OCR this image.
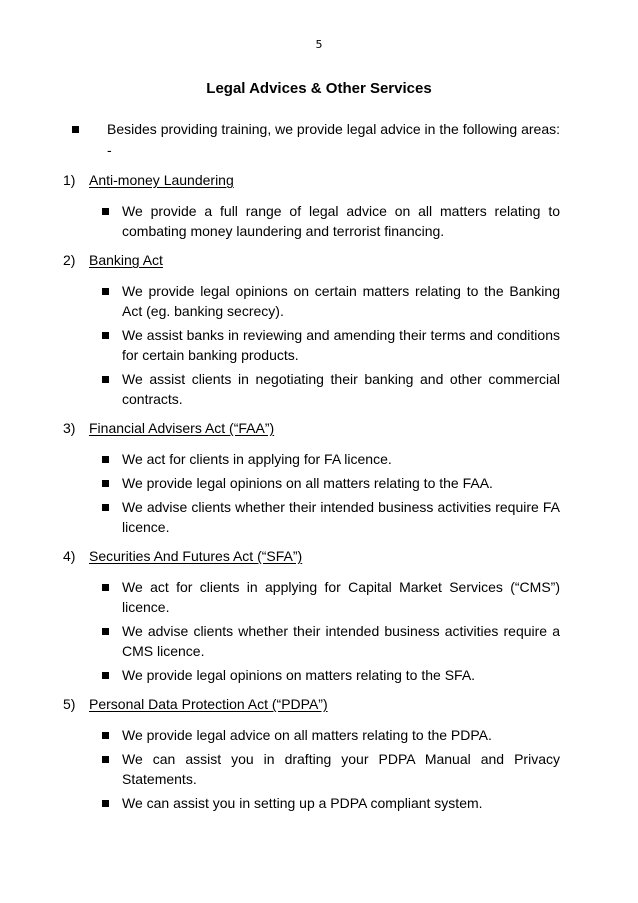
5
Legal Advices & Other Services
Besides providing training, we provide legal advice in the following areas: -
1) Anti-money Laundering
We provide a full range of legal advice on all matters relating to combating money laundering and terrorist financing.
2) Banking Act
We provide legal opinions on certain matters relating to the Banking Act (eg. banking secrecy).
We assist banks in reviewing and amending their terms and conditions for certain banking products.
We assist clients in negotiating their banking and other commercial contracts.
3) Financial Advisers Act (“FAA”)
We act for clients in applying for FA licence.
We provide legal opinions on all matters relating to the FAA.
We advise clients whether their intended business activities require FA licence.
4) Securities And Futures Act (“SFA”)
We act for clients in applying for Capital Market Services (“CMS”) licence.
We advise clients whether their intended business activities require a CMS licence.
We provide legal opinions on matters relating to the SFA.
5) Personal Data Protection Act (“PDPA”)
We provide legal advice on all matters relating to the PDPA.
We can assist you in drafting your PDPA Manual and Privacy Statements.
We can assist you in setting up a PDPA compliant system.
